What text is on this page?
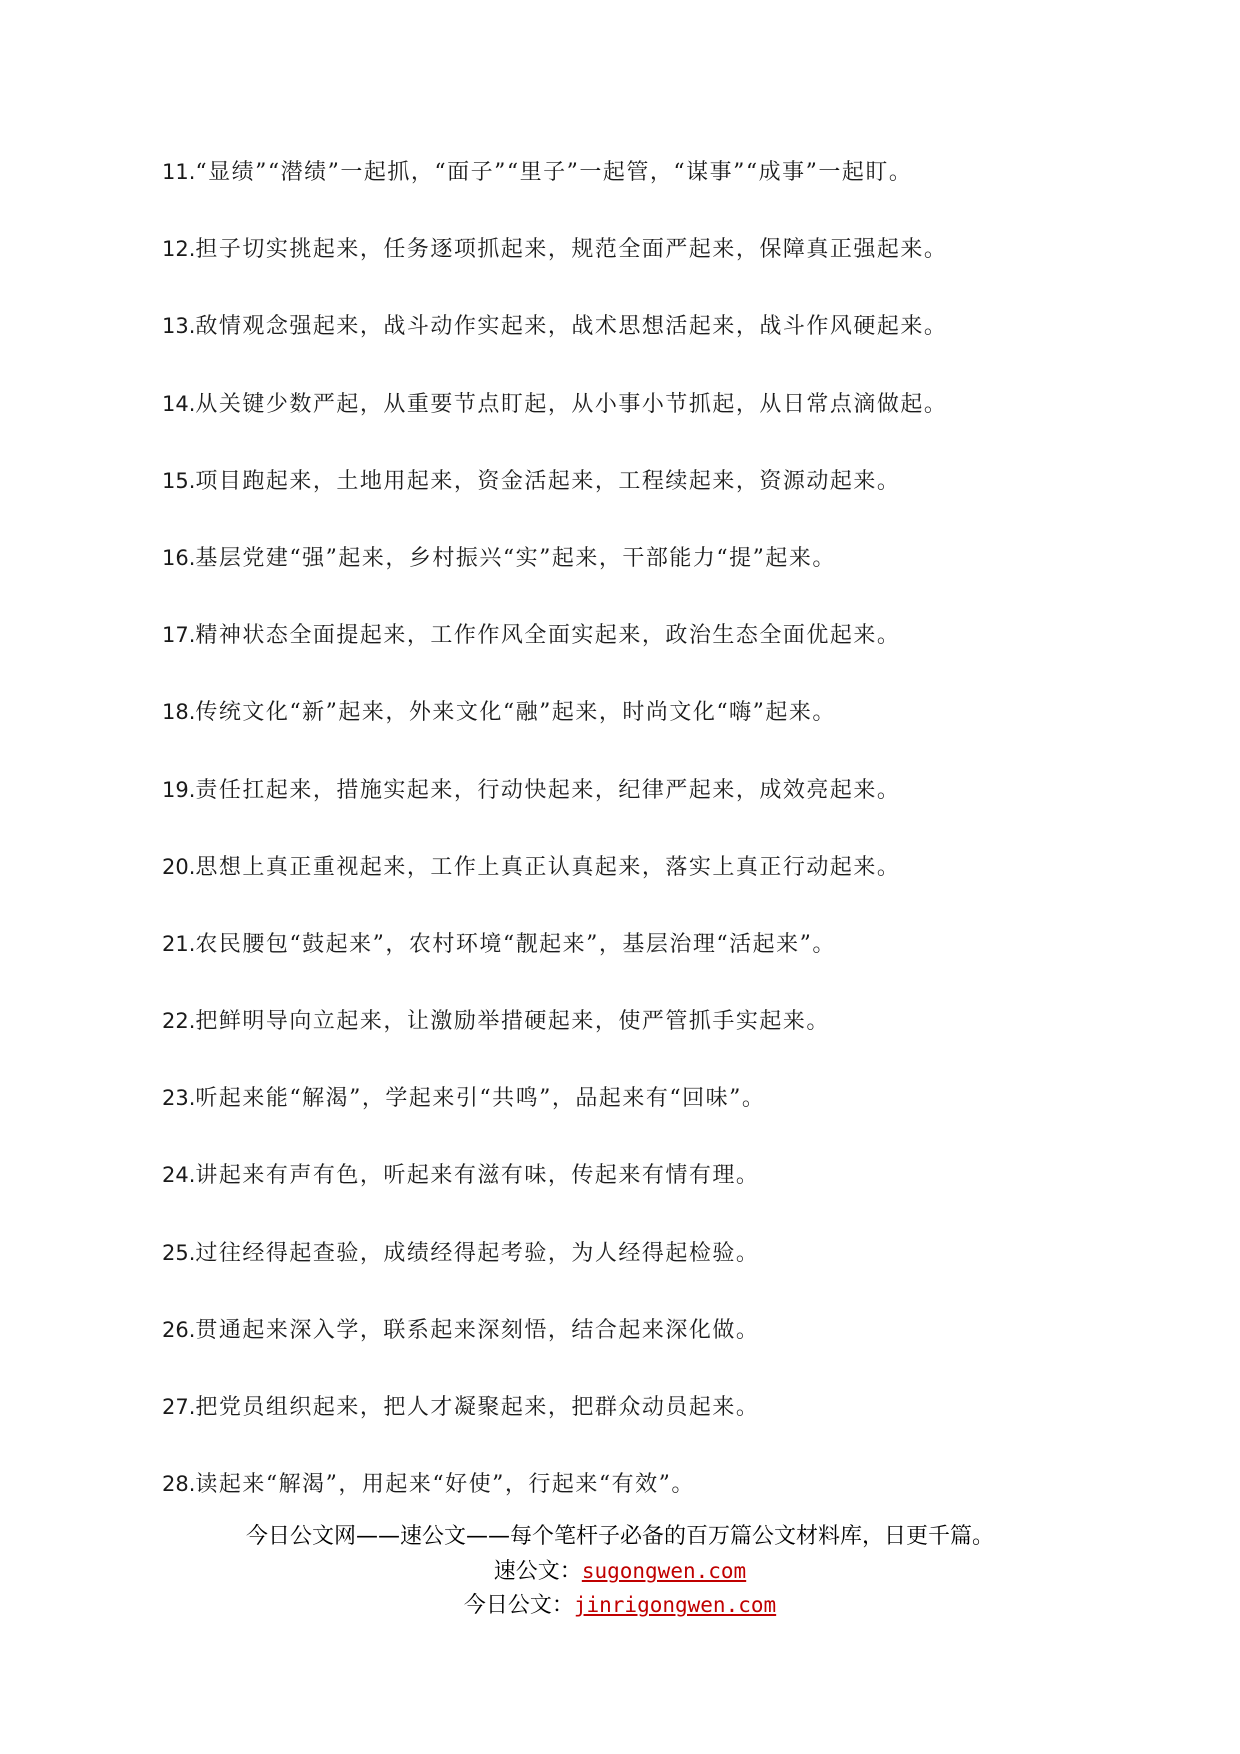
11.“显绩”“潜绩”一起抓，“面子”“里子”一起管，“谋事”“成事”一起盯。
12.担子切实挑起来，任务逐项抓起来，规范全面严起来，保障真正强起来。
13.敌情观念强起来，战斗动作实起来，战术思想活起来，战斗作风硬起来。
14.从关键少数严起，从重要节点盯起，从小事小节抓起，从日常点滴做起。
15.项目跑起来，土地用起来，资金活起来，工程续起来，资源动起来。
16.基层党建“强”起来，乡村振兴“实”起来，干部能力“提”起来。
17.精神状态全面提起来，工作作风全面实起来，政治生态全面优起来。
18.传统文化“新”起来，外来文化“融”起来，时尚文化“嗨”起来。
19.责任扛起来，措施实起来，行动快起来，纪律严起来，成效亮起来。
20.思想上真正重视起来，工作上真正认真起来，落实上真正行动起来。
21.农民腰包“鼓起来”，农村环境“靓起来”，基层治理“活起来”。
22.把鲜明导向立起来，让激励举措硬起来，使严管抓手实起来。
23.听起来能“解渴”，学起来引“共鸣”，品起来有“回味”。
24.讲起来有声有色，听起来有滋有味，传起来有情有理。
25.过往经得起查验，成绩经得起考验，为人经得起检验。
26.贯通起来深入学，联系起来深刻悟，结合起来深化做。
27.把党员组织起来，把人才凝聚起来，把群众动员起来。
28.读起来“解渴”，用起来“好使”，行起来“有效”。
今日公文网——速公文——每个笔杆子必备的百万篇公文材料库，日更千篇。
速公文：sugongwen.com
今日公文：jinrigongwen.com
